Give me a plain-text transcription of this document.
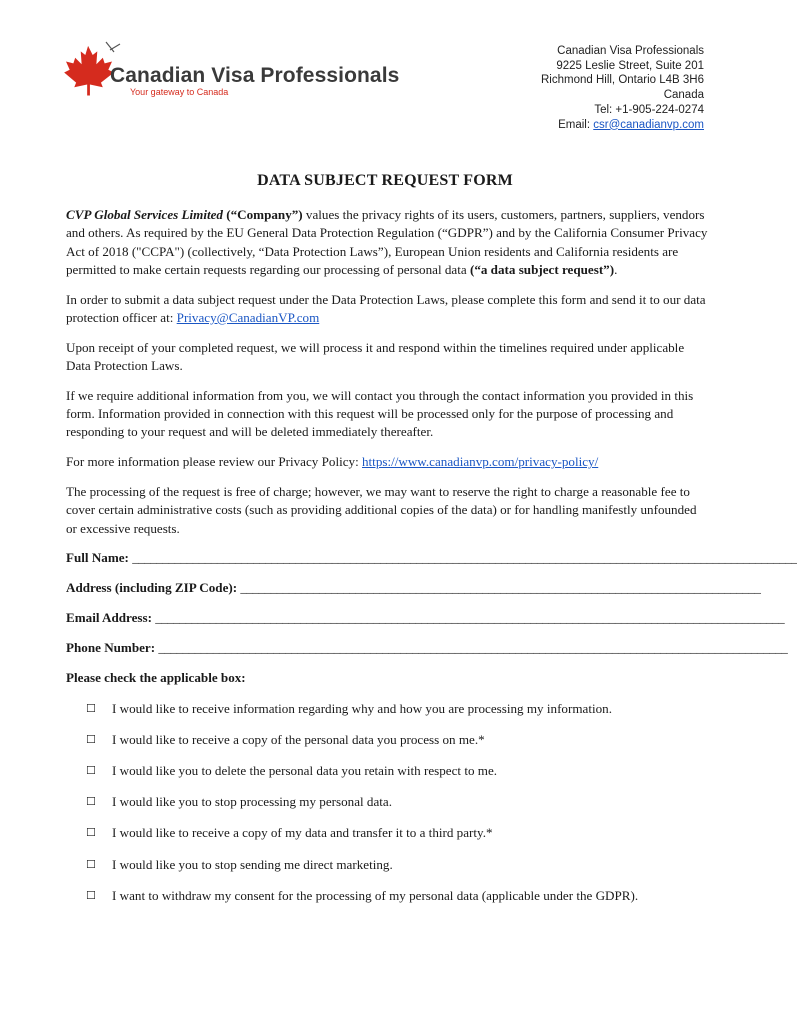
Canadian Visa Professionals
Your gateway to Canada
Canadian Visa Professionals
9225 Leslie Street, Suite 201
Richmond Hill, Ontario L4B 3H6
Canada
Tel: +1-905-224-0274
Email: csr@canadianvp.com
DATA SUBJECT REQUEST FORM

CVP Global Services Limited (“Company”) values the privacy rights of its users, customers, partners, suppliers, vendors and others. As required by the EU General Data Protection Regulation (“GDPR”) and by the California Consumer Privacy Act of 2018 ("CCPA") (collectively, “Data Protection Laws”), European Union residents and California residents are permitted to make certain requests regarding our processing of personal data (“a data subject request”).

In order to submit a data subject request under the Data Protection Laws, please complete this form and send it to our data protection officer at: Privacy@CanadianVP.com

Upon receipt of your completed request, we will process it and respond within the timelines required under applicable Data Protection Laws.

If we require additional information from you, we will contact you through the contact information you provided in this form. Information provided in connection with this request will be processed only for the purpose of processing and responding to your request and will be deleted immediately thereafter.

For more information please review our Privacy Policy: https://www.canadianvp.com/privacy-policy/

The processing of the request is free of charge; however, we may want to reserve the right to charge a reasonable fee to cover certain administrative costs (such as providing additional copies of the data) or for handling manifestly unfounded or excessive requests.

Full Name: ______________________________________________________________________________________________________________
Address (including ZIP Code): ______________________________________________________________________________________
Email Address: ________________________________________________________________________________________________________
Phone Number: ________________________________________________________________________________________________________
Please check the applicable box:
☐ I would like to receive information regarding why and how you are processing my information.
☐ I would like to receive a copy of the personal data you process on me.*
☐ I would like you to delete the personal data you retain with respect to me.
☐ I would like you to stop processing my personal data.
☐ I would like to receive a copy of my data and transfer it to a third party.*
☐ I would like you to stop sending me direct marketing.
☐ I want to withdraw my consent for the processing of my personal data (applicable under the GDPR).
